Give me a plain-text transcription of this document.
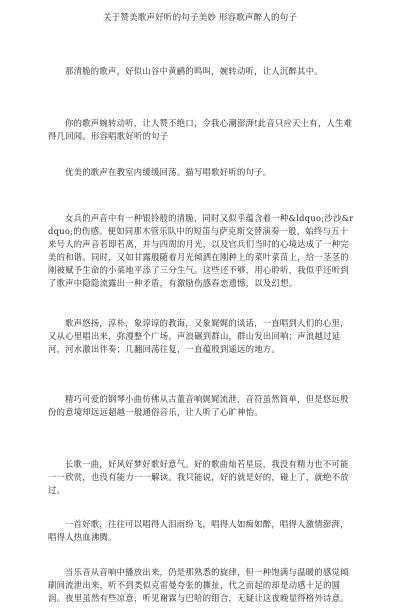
关于赞美歌声好听的句子美妙 形容歌声醉人的句子
那清脆的歌声，好似山谷中黄鹂的鸣叫，婉转动听，让人沉醉其中。
你的歌声婉转动听，让人赞不绝口，令我心潮澎湃!此音只应天上有，人生难得几回闻。形容唱歌好听的句子
优美的歌声在教室内缓缓回荡。描写唱歌好听的句子。
女兵的声音中有一种银铃般的清脆，同时又似乎蕴含着一种&ldquo;沙沙&rdquo;的伤感。便如同那木管乐队中的短笛与萨克斯交替演奏一般，始终与五十来号人的声音若即若离，并与四周的月光，以及官兵们当时的心境达成了一种完美的和谐。同时，又如甘露般随着月光倾洒在刚种上的菜叶菜苗上，给一茎茎的刚被赋予生命的小菜地平添了三分生气。这些还不够，用心聆听，我似乎还听到了歌声中隐隐流露出一种矛盾，有激励伤感春恋遗憾，以及幻想。
歌声悠扬，淳朴，象谆谆的教诲，又象娓娓的谈话，一直唱到人们的心里，又从心里唱出来，弥漫整个广场。声浪碾到群山，群山发出回响；声浪越过延河，河水激出伴奏；几翻回荡往复，一直蕴殷到遥远的地方。
精巧可爱的钢琴小曲仿佛从古董音响娓娓流泄，音符虽然简单，但是悠远殷份的意境却远远超越一般通俗音乐，让人听了心旷神怡。
长歌一曲，好风好梦好歌好意气。好的歌曲灿若星辰，我没有精力也不可能一一欣赏，也没有能力一一解读。我只能说，好的就是好的，碰上了，就绝不放过。
一首好歌，往往可以唱得人泪雨纷飞，唱得人如痴如醉，唱得人激情澎湃，唱得人热血沸腾。
当乐音从音响中播放出来，仍是那熟悉的旋律，但一种饱满与温暖的感觉倾刷间流泄出来，听不到类似克雷曼夸张的撕扯，代之而起的却是动感十足的圆润。夜里虽然有些凉意，听见谢霖与巴哈的组合，无疑让这夜晚显得格外诗意。
